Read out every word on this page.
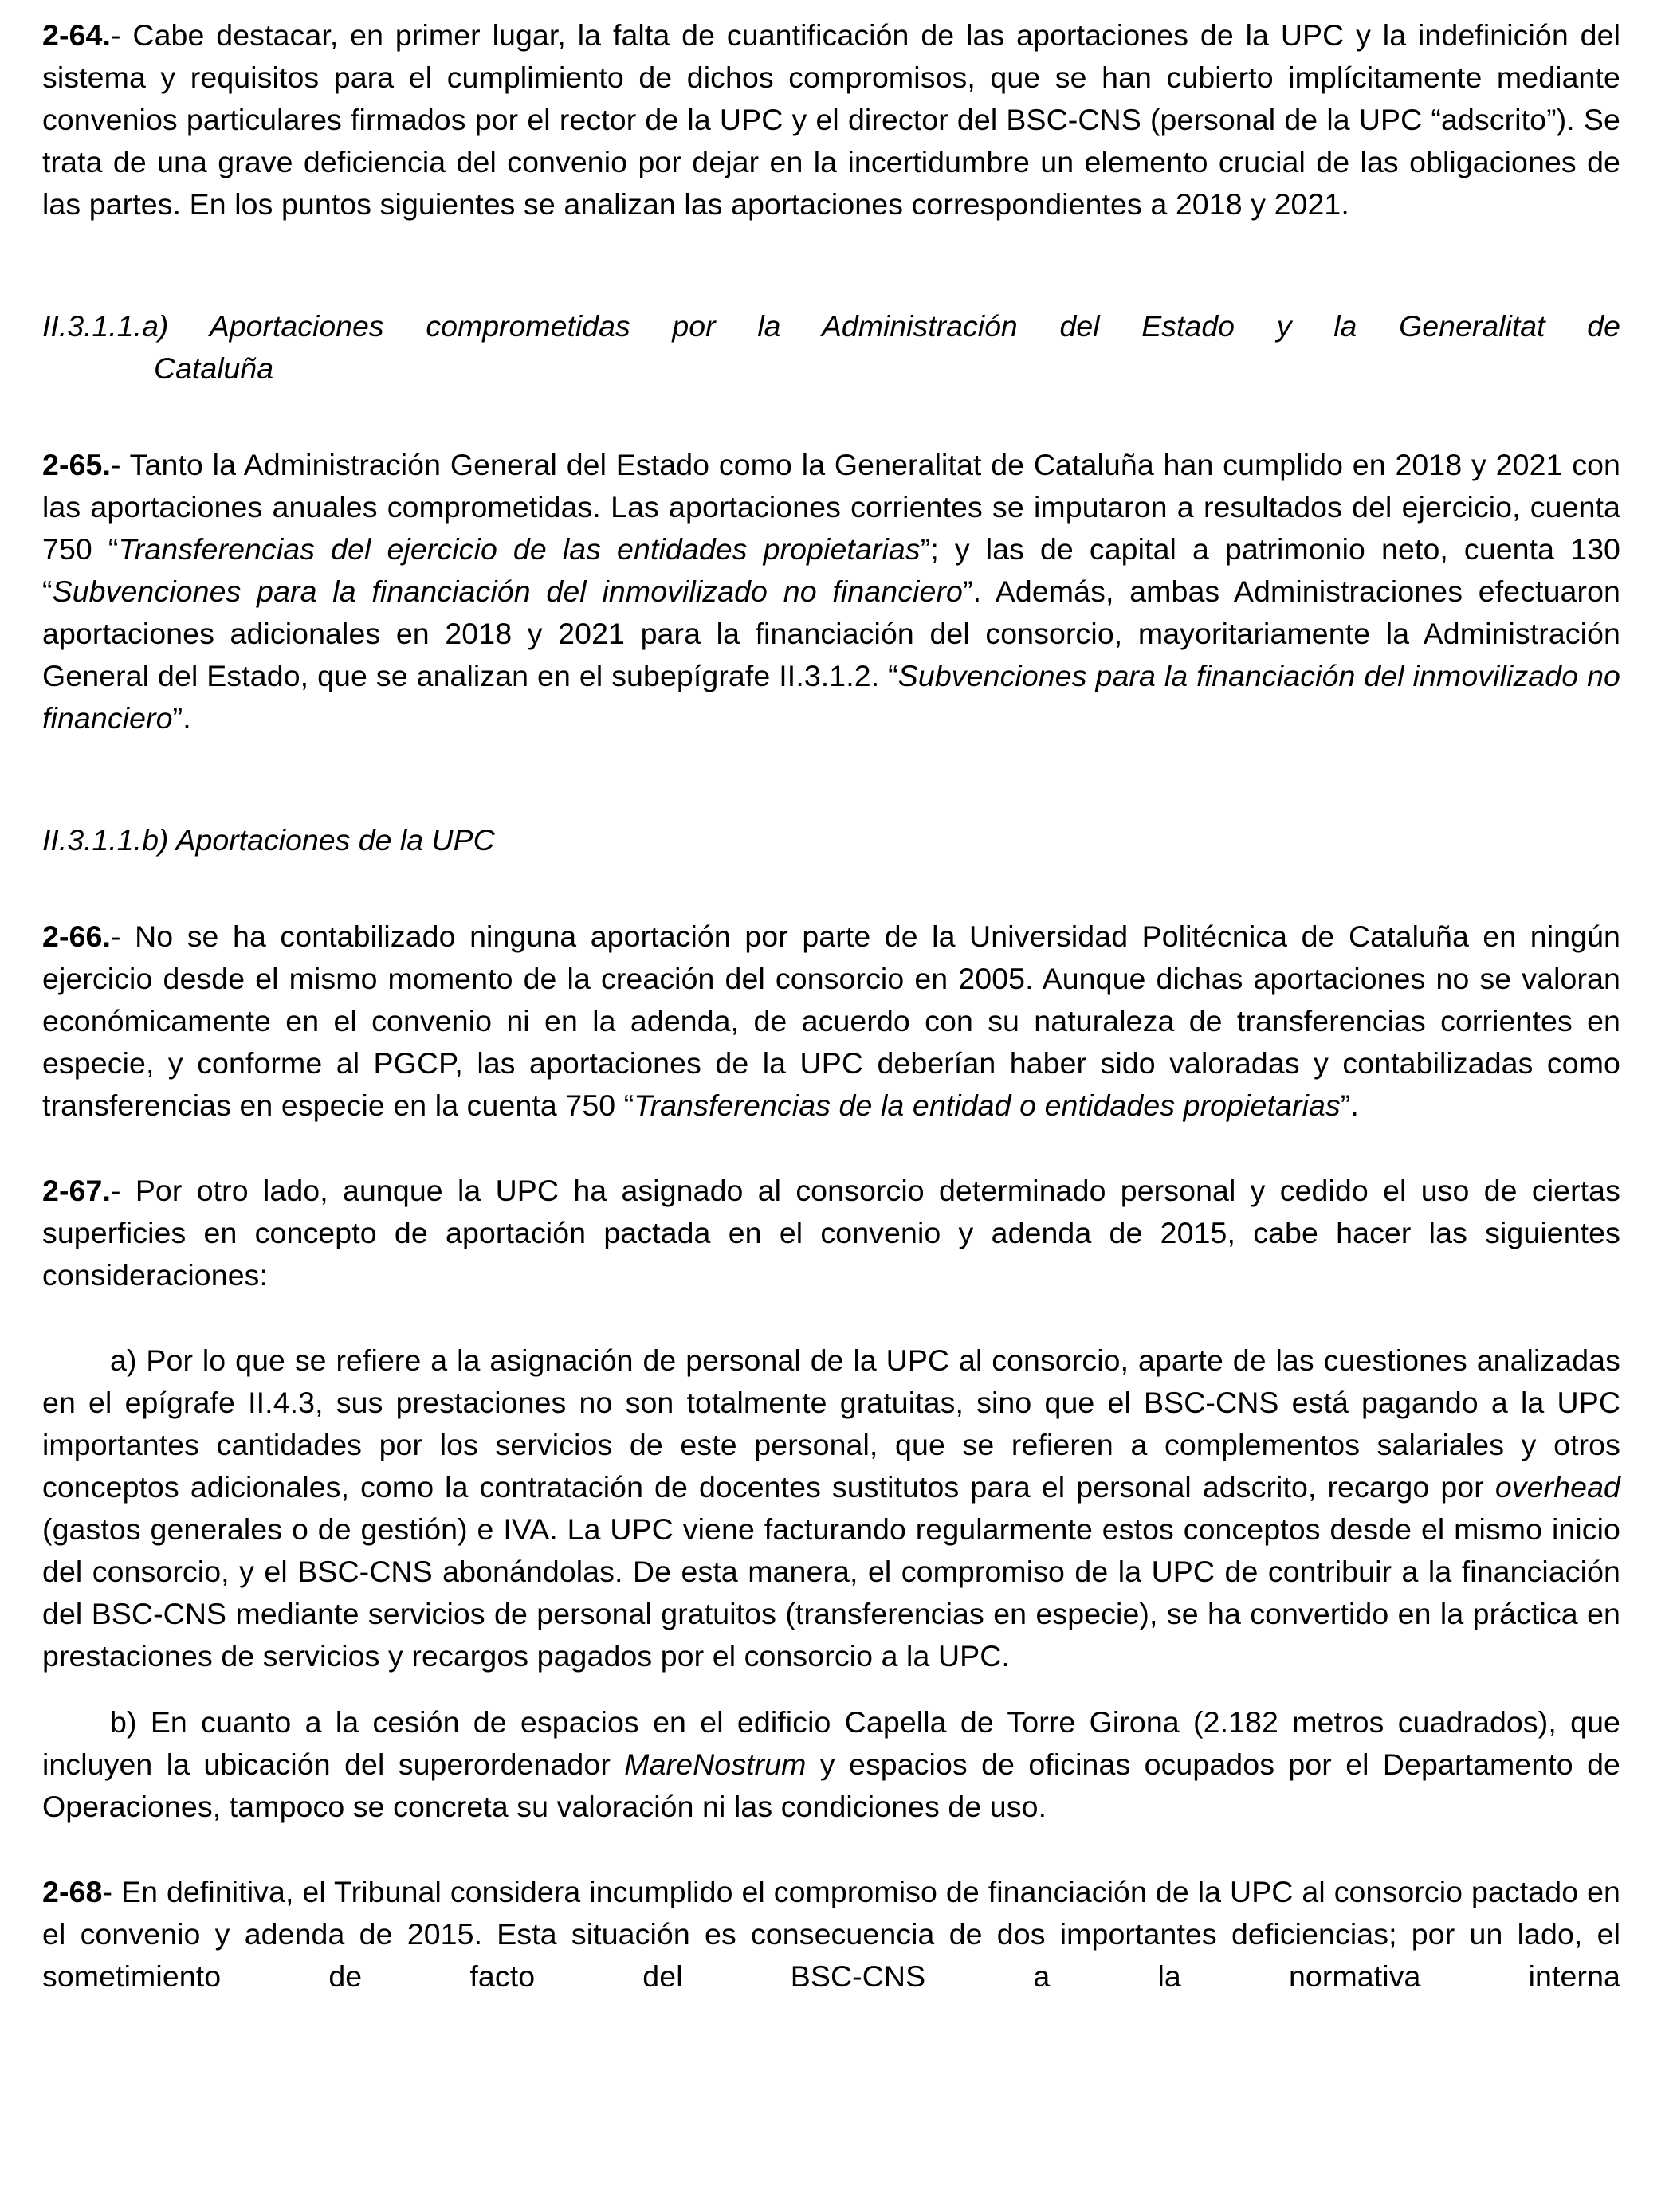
2-64.- Cabe destacar, en primer lugar, la falta de cuantificación de las aportaciones de la UPC y la indefinición del sistema y requisitos para el cumplimiento de dichos compromisos, que se han cubierto implícitamente mediante convenios particulares firmados por el rector de la UPC y el director del BSC-CNS (personal de la UPC “adscrito”). Se trata de una grave deficiencia del convenio por dejar en la incertidumbre un elemento crucial de las obligaciones de las partes. En los puntos siguientes se analizan las aportaciones correspondientes a 2018 y 2021.

II.3.1.1.a) Aportaciones comprometidas por la Administración del Estado y la Generalitat de
Cataluña

2-65.- Tanto la Administración General del Estado como la Generalitat de Cataluña han cumplido en 2018 y 2021 con las aportaciones anuales comprometidas. Las aportaciones corrientes se imputaron a resultados del ejercicio, cuenta 750 “Transferencias del ejercicio de las entidades propietarias”; y las de capital a patrimonio neto, cuenta 130 “Subvenciones para la financiación del inmovilizado no financiero”. Además, ambas Administraciones efectuaron aportaciones adicionales en 2018 y 2021 para la financiación del consorcio, mayoritariamente la Administración General del Estado, que se analizan en el subepígrafe II.3.1.2. “Subvenciones para la financiación del inmovilizado no financiero”.

II.3.1.1.b) Aportaciones de la UPC

2-66.- No se ha contabilizado ninguna aportación por parte de la Universidad Politécnica de Cataluña en ningún ejercicio desde el mismo momento de la creación del consorcio en 2005. Aunque dichas aportaciones no se valoran económicamente en el convenio ni en la adenda, de acuerdo con su naturaleza de transferencias corrientes en especie, y conforme al PGCP, las aportaciones de la UPC deberían haber sido valoradas y contabilizadas como transferencias en especie en la cuenta 750 “Transferencias de la entidad o entidades propietarias”.

2-67.- Por otro lado, aunque la UPC ha asignado al consorcio determinado personal y cedido el uso de ciertas superficies en concepto de aportación pactada en el convenio y adenda de 2015, cabe hacer las siguientes consideraciones:

a) Por lo que se refiere a la asignación de personal de la UPC al consorcio, aparte de las cuestiones analizadas en el epígrafe II.4.3, sus prestaciones no son totalmente gratuitas, sino que el BSC-CNS está pagando a la UPC importantes cantidades por los servicios de este personal, que se refieren a complementos salariales y otros conceptos adicionales, como la contratación de docentes sustitutos para el personal adscrito, recargo por overhead (gastos generales o de gestión) e IVA. La UPC viene facturando regularmente estos conceptos desde el mismo inicio del consorcio, y el BSC-CNS abonándolas. De esta manera, el compromiso de la UPC de contribuir a la financiación del BSC-CNS mediante servicios de personal gratuitos (transferencias en especie), se ha convertido en la práctica en prestaciones de servicios y recargos pagados por el consorcio a la UPC.

b) En cuanto a la cesión de espacios en el edificio Capella de Torre Girona (2.182 metros cuadrados), que incluyen la ubicación del superordenador MareNostrum y espacios de oficinas ocupados por el Departamento de Operaciones, tampoco se concreta su valoración ni las condiciones de uso.

2-68- En definitiva, el Tribunal considera incumplido el compromiso de financiación de la UPC al consorcio pactado en el convenio y adenda de 2015. Esta situación es consecuencia de dos importantes deficiencias; por un lado, el sometimiento de facto del BSC-CNS a la normativa interna
